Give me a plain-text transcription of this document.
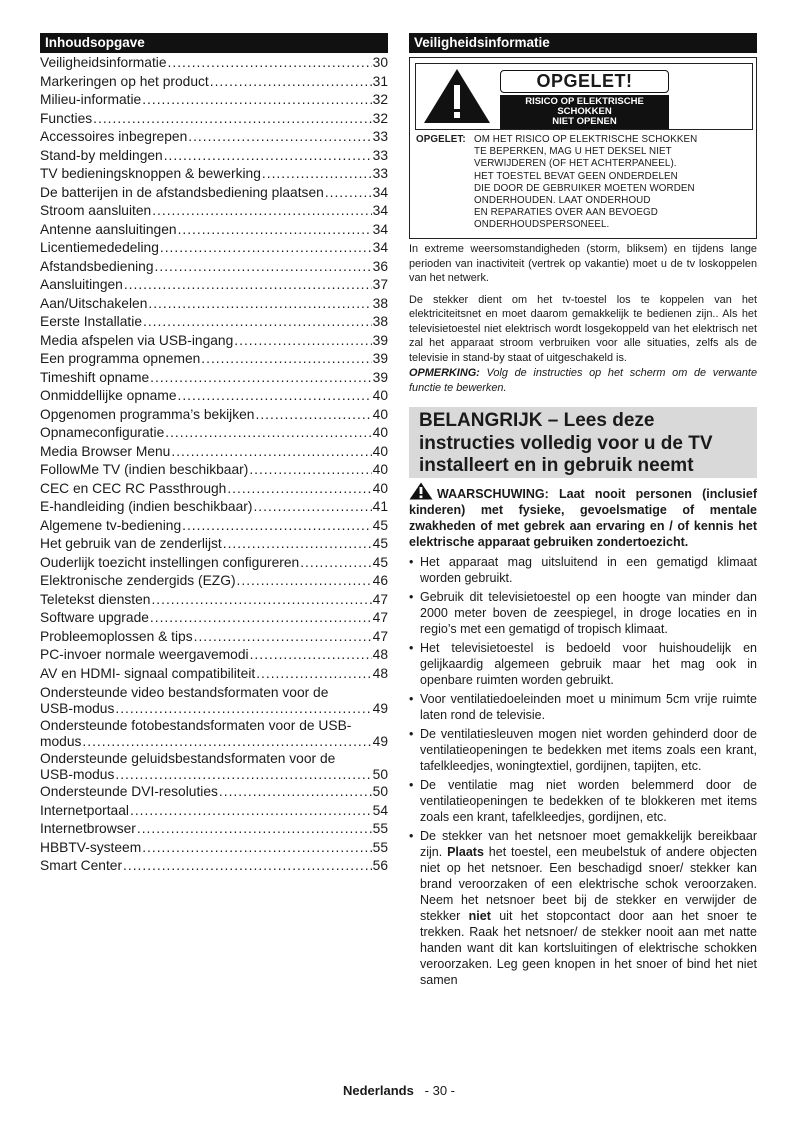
Inhoudsopgave
Veiligheidsinformatie .....	30
Markeringen op het product .....	31
Milieu-informatie .....	32
Functies .....	32
Accessoires inbegrepen .....	33
Stand-by meldingen .....	33
TV bedieningsknoppen & bewerking .....	33
De batterijen in de afstandsbediening plaatsen .....	34
Stroom aansluiten .....	34
Antenne aansluitingen .....	34
Licentiemededeling .....	34
Afstandsbediening .....	36
Aansluitingen .....	37
Aan/Uitschakelen .....	38
Eerste Installatie .....	38
Media afspelen via USB-ingang .....	39
Een programma opnemen .....	39
Timeshift opname .....	39
Onmiddellijke opname .....	40
Opgenomen programma’s bekijken .....	40
Opnameconfiguratie .....	40
Media Browser Menu .....	40
FollowMe TV (indien beschikbaar) .....	40
CEC en CEC RC Passthrough .....	40
E-handleiding (indien beschikbaar) .....	41
Algemene tv-bediening .....	45
Het gebruik van de zenderlijst .....	45
Ouderlijk toezicht instellingen configureren .....	45
Elektronische zendergids (EZG) .....	46
Teletekst diensten .....	47
Software upgrade .....	47
Probleemoplossen & tips .....	47
PC-invoer normale weergavemodi .....	48
AV en HDMI- signaal compatibiliteit .....	48
Ondersteunde video bestandsformaten voor de
USB-modus .....	49
Ondersteunde fotobestandsformaten voor de USB-
modus .....	49
Ondersteunde geluidsbestandsformaten voor de
USB-modus .....	50
Ondersteunde DVI-resoluties .....	50
Internetportaal .....	54
Internetbrowser .....	55
HBBTV-systeem .....	55
Smart Center .....	56
Veiligheidsinformatie
OPGELET!
RISICO OP ELEKTRISCHE
SCHOKKEN
NIET OPENEN
OPGELET: OM HET RISICO OP ELEKTRISCHE SCHOKKEN
TE BEPERKEN, MAG U HET DEKSEL NIET
VERWIJDEREN (OF HET ACHTERPANEEL).
HET TOESTEL BEVAT GEEN ONDERDELEN
DIE DOOR DE GEBRUIKER MOETEN WORDEN
ONDERHOUDEN. LAAT ONDERHOUD
EN REPARATIES OVER AAN BEVOEGD
ONDERHOUDSPERSONEEL.

In extreme weersomstandigheden (storm, bliksem) en tijdens lange perioden van inactiviteit (vertrek op vakantie) moet u de tv loskoppelen van het netwerk.

De stekker dient om het tv-toestel los te koppelen van het elektriciteitsnet en moet daarom gemakkelijk te bedienen zijn.. Als het televisietoestel niet elektrisch wordt losgekoppeld van het elektrisch net zal het apparaat stroom verbruiken voor alle situaties, zelfs als de televisie in stand-by staat of uitgeschakeld is.

OPMERKING: Volg de instructies op het scherm om de verwante functie te bewerken.

BELANGRIJK – Lees deze instructies volledig voor u de TV installeert en in gebruik neemt
WAARSCHUWING: Laat nooit personen (inclusief kinderen) met fysieke, gevoelsmatige of mentale zwakheden of met gebrek aan ervaring en / of kennis het elektrische apparaat gebruiken zondertoezicht.
• Het apparaat mag uitsluitend in een gematigd klimaat worden gebruikt.
• Gebruik dit televisietoestel op een hoogte van minder dan 2000 meter boven de zeespiegel, in droge locaties en in regio’s met een gematigd of tropisch klimaat.
• Het televisietoestel is bedoeld voor huishoudelijk en gelijkaardig algemeen gebruik maar het mag ook in openbare ruimten worden gebruikt.
• Voor ventilatiedoeleinden moet u minimum 5cm vrije ruimte laten rond de televisie.
• De ventilatiesleuven mogen niet worden gehinderd door de ventilatieopeningen te bedekken met items zoals een krant, tafelkleedjes, woningtextiel, gordijnen, tapijten, etc.
• De ventilatie mag niet worden belemmerd door de ventilatieopeningen te bedekken of te blokkeren met items zoals een krant, tafelkleedjes, gordijnen, etc.
• De stekker van het netsnoer moet gemakkelijk bereikbaar zijn. Plaats het toestel, een meubelstuk of andere objecten niet op het netsnoer. Een beschadigd snoer/ stekker kan brand veroorzaken of een elektrische schok veroorzaken. Neem het netsnoer beet bij de stekker en verwijder de stekker niet uit het stopcontact door aan het snoer te trekken. Raak het netsnoer/ de stekker nooit aan met natte handen want dit kan kortsluitingen of elektrische schokken veroorzaken. Leg geen knopen in het snoer of bind het niet samen
Nederlands - 30 -
